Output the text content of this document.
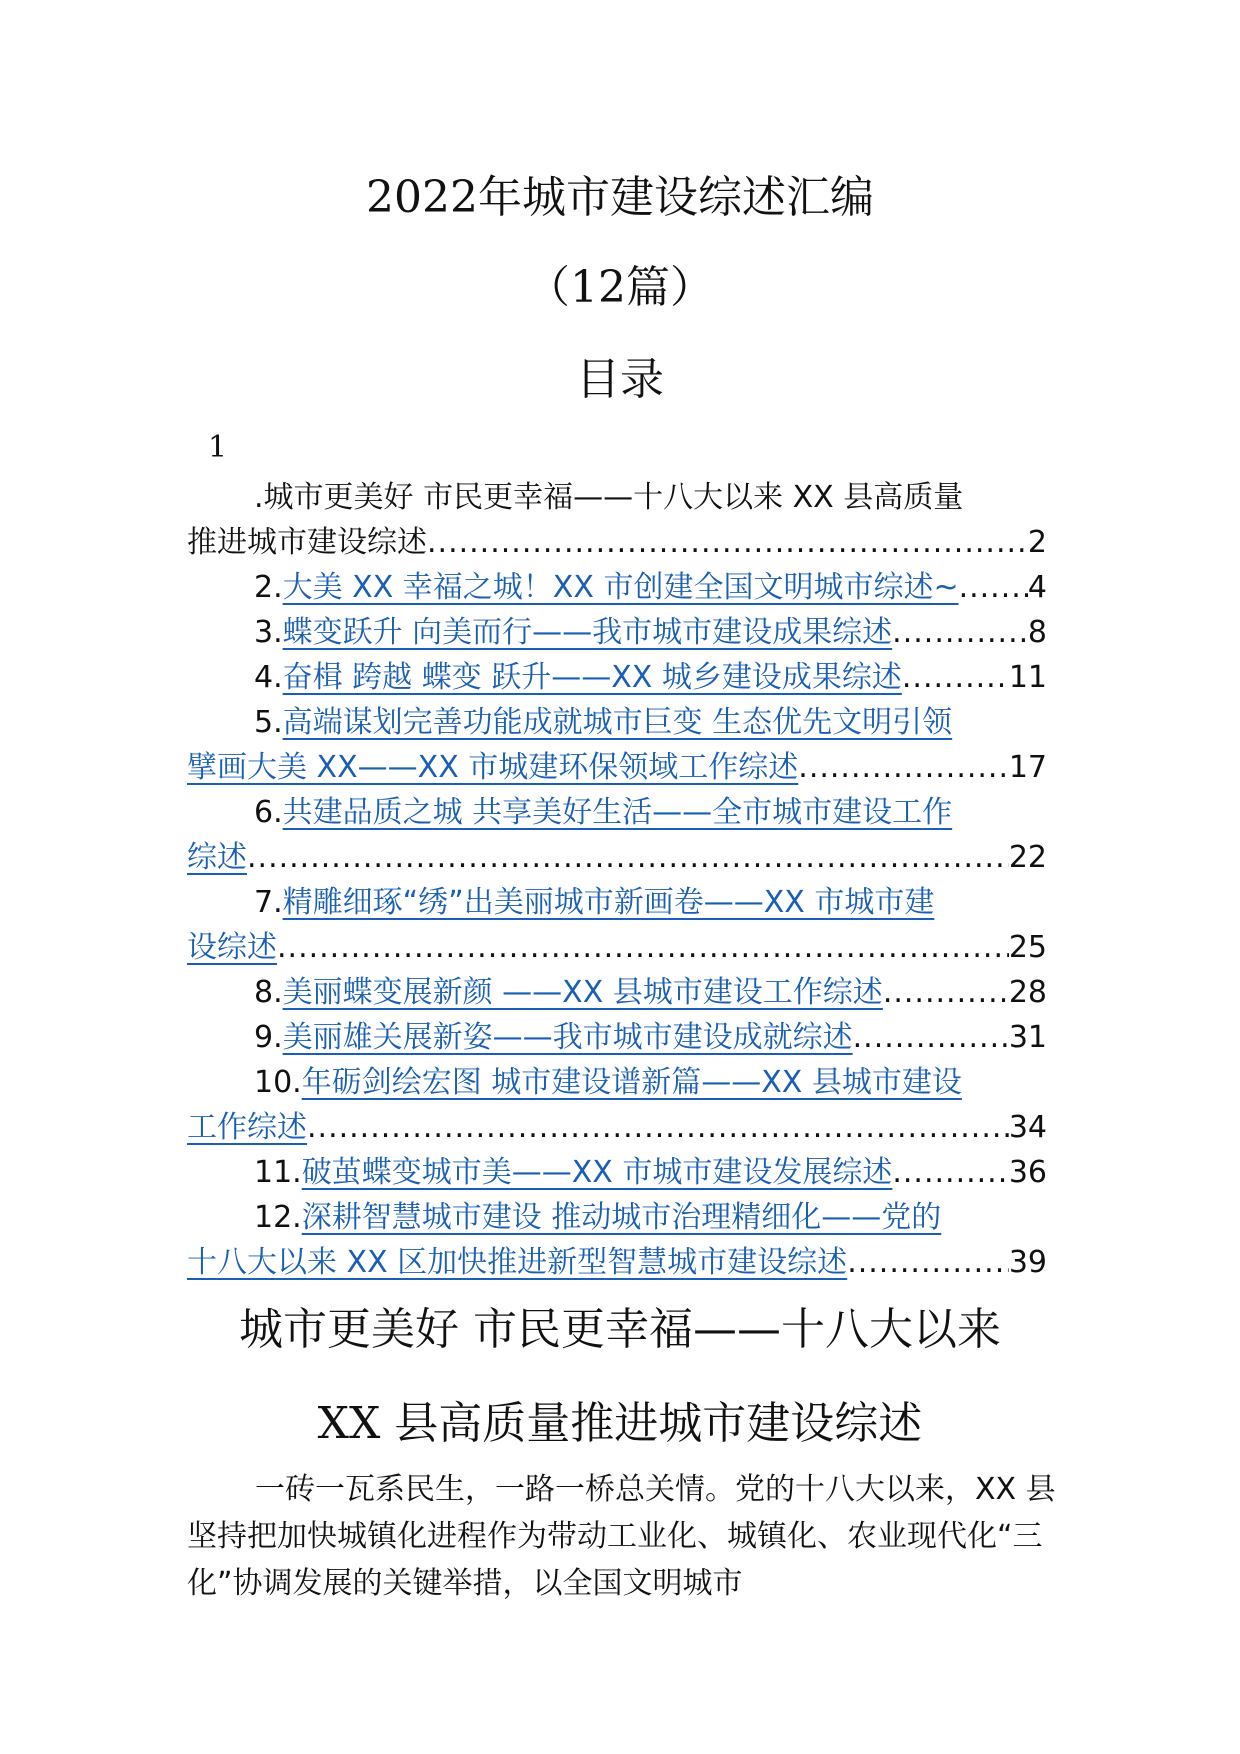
2022年城市建设综述汇编
（12篇）
目录
1
.城市更美好 市民更幸福——十八大以来 XX 县高质量
推进城市建设综述 .....	2
2. 大美 XX 幸福之城！XX 市创建全国文明城市综述~ ..... 4
3. 蝶变跃升 向美而行——我市城市建设成果综述 .....	8
4. 奋楫 跨越 蝶变 跃升——XX 城乡建设成果综述 .....	11
5. 高端谋划完善功能成就城市巨变 生态优先文明引领
擘画大美 XX——XX 市城建环保领域工作综述 .....	17
6. 共建品质之城 共享美好生活——全市城市建设工作
综述 .....	22
7. 精雕细琢“绣”出美丽城市新画卷——XX 市城市建
设综述 .....	25
8. 美丽蝶变展新颜 ——XX 县城市建设工作综述 .....	28
9. 美丽雄关展新姿——我市城市建设成就综述 .....	31
10. 年砺剑绘宏图 城市建设谱新篇——XX 县城市建设
工作综述 .....	34
11. 破茧蝶变城市美——XX 市城市建设发展综述 .....	36
12. 深耕智慧城市建设 推动城市治理精细化——党的
十八大以来 XX 区加快推进新型智慧城市建设综述 .....	39
城市更美好 市民更幸福——十八大以来
XX 县高质量推进城市建设综述

一砖一瓦系民生，一路一桥总关情。党的十八大以来，XX 县坚持把加快城镇化进程作为带动工业化、城镇化、农业现代化“三化”协调发展的关键举措，以全国文明城市
